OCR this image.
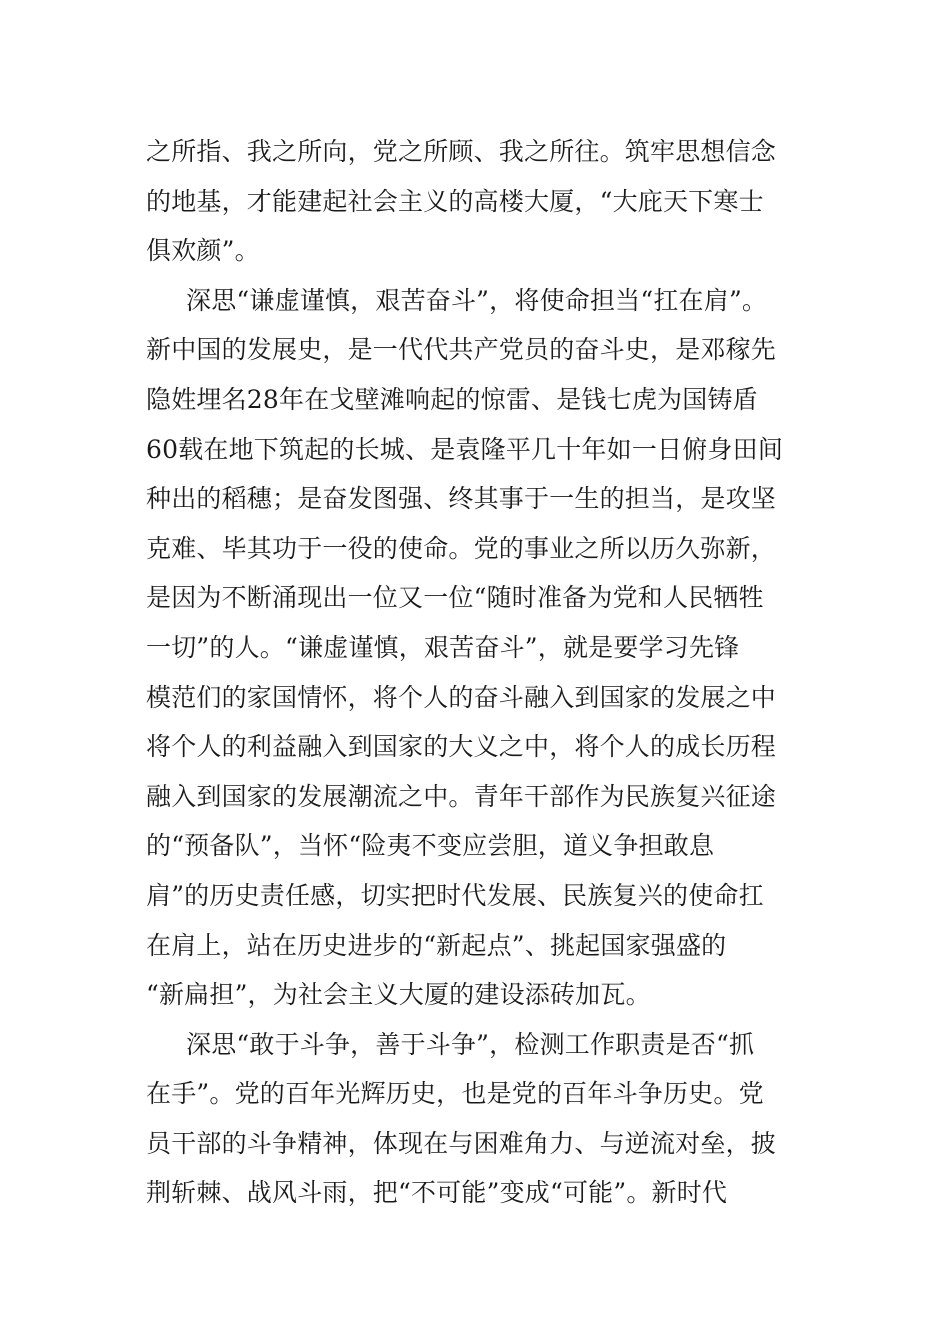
之所指、我之所向，党之所顾、我之所往。筑牢思想信念
的地基，才能建起社会主义的高楼大厦，“大庇天下寒士
俱欢颜”。
深思“谦虚谨慎，艰苦奋斗”，将使命担当“扛在肩”。
新中国的发展史，是一代代共产党员的奋斗史，是邓稼先
隐姓埋名28年在戈壁滩响起的惊雷、是钱七虎为国铸盾
60载在地下筑起的长城、是袁隆平几十年如一日俯身田间
种出的稻穗；是奋发图强、终其事于一生的担当，是攻坚
克难、毕其功于一役的使命。党的事业之所以历久弥新，
是因为不断涌现出一位又一位“随时准备为党和人民牺牲
一切”的人。“谦虚谨慎，艰苦奋斗”，就是要学习先锋
模范们的家国情怀，将个人的奋斗融入到国家的发展之中
将个人的利益融入到国家的大义之中，将个人的成长历程
融入到国家的发展潮流之中。青年干部作为民族复兴征途
的“预备队”，当怀“险夷不变应尝胆，道义争担敢息
肩”的历史责任感，切实把时代发展、民族复兴的使命扛
在肩上，站在历史进步的“新起点”、挑起国家强盛的
“新扁担”，为社会主义大厦的建设添砖加瓦。
深思“敢于斗争，善于斗争”，检测工作职责是否“抓
在手”。党的百年光辉历史，也是党的百年斗争历史。党
员干部的斗争精神，体现在与困难角力、与逆流对垒，披
荆斩棘、战风斗雨，把“不可能”变成“可能”。新时代
